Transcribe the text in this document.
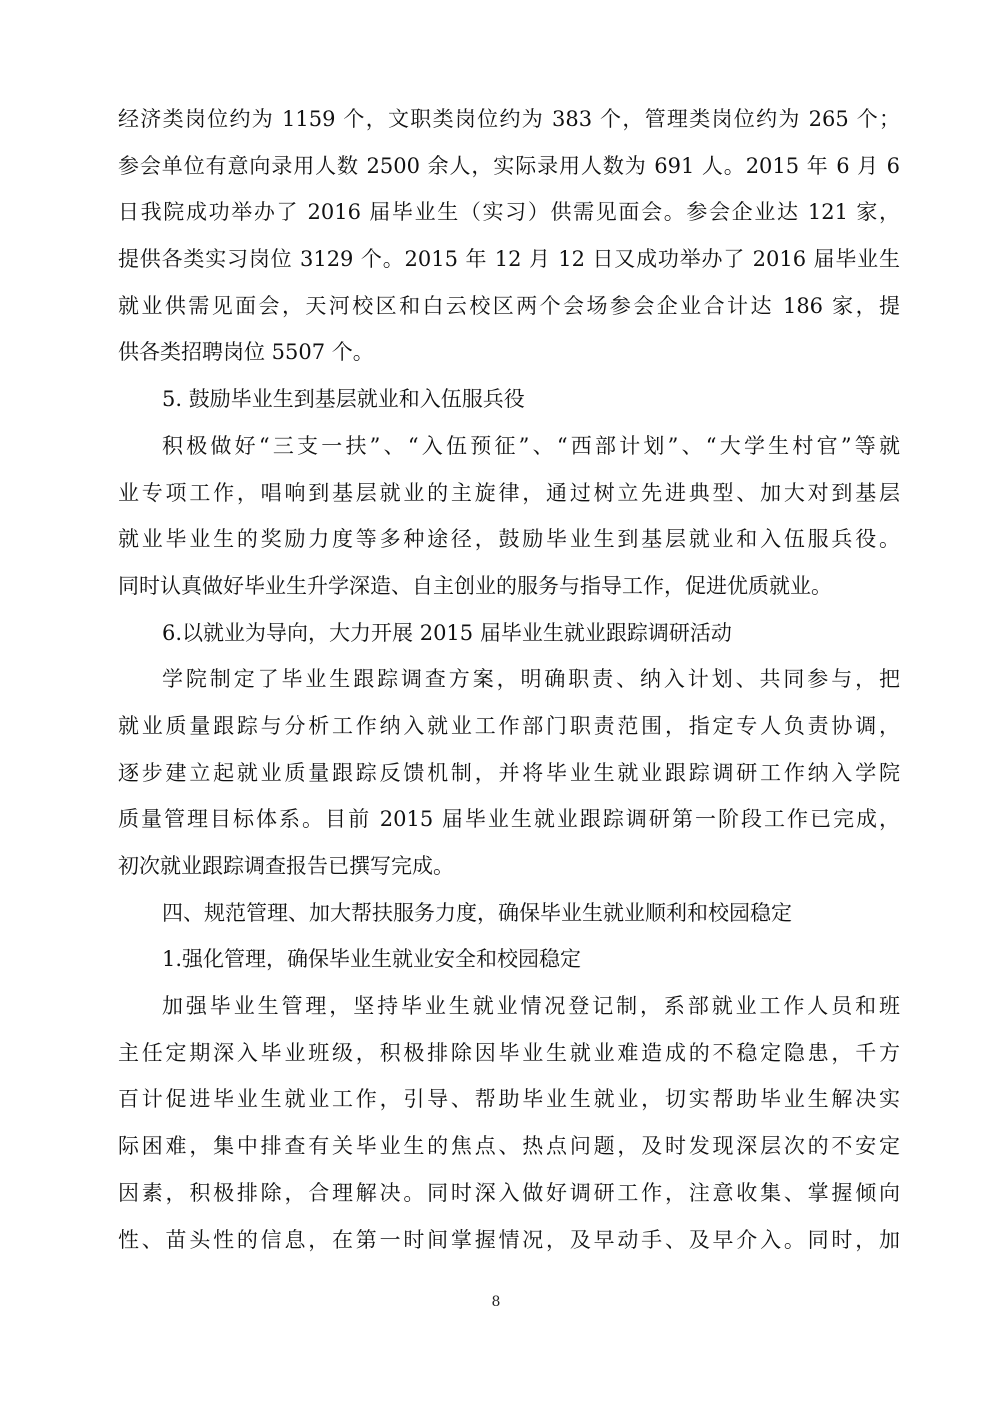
经济类岗位约为 1159 个，文职类岗位约为 383 个，管理类岗位约为 265 个；
参会单位有意向录用人数 2500 余人，实际录用人数为 691 人。2015 年 6 月 6
日我院成功举办了 2016 届毕业生（实习）供需见面会。参会企业达 121 家，
提供各类实习岗位 3129 个。2015 年 12 月 12 日又成功举办了 2016 届毕业生
就业供需见面会，天河校区和白云校区两个会场参会企业合计达 186 家，提
供各类招聘岗位 5507 个。
5. 鼓励毕业生到基层就业和入伍服兵役
积极做好“三支一扶”、“入伍预征”、“西部计划”、“大学生村官”等就
业专项工作，唱响到基层就业的主旋律，通过树立先进典型、加大对到基层
就业毕业生的奖励力度等多种途径，鼓励毕业生到基层就业和入伍服兵役。
同时认真做好毕业生升学深造、自主创业的服务与指导工作，促进优质就业。
6.以就业为导向，大力开展 2015 届毕业生就业跟踪调研活动
学院制定了毕业生跟踪调查方案，明确职责、纳入计划、共同参与，把
就业质量跟踪与分析工作纳入就业工作部门职责范围，指定专人负责协调，
逐步建立起就业质量跟踪反馈机制，并将毕业生就业跟踪调研工作纳入学院
质量管理目标体系。目前 2015 届毕业生就业跟踪调研第一阶段工作已完成，
初次就业跟踪调查报告已撰写完成。
四、规范管理、加大帮扶服务力度，确保毕业生就业顺利和校园稳定
1.强化管理，确保毕业生就业安全和校园稳定
加强毕业生管理，坚持毕业生就业情况登记制，系部就业工作人员和班
主任定期深入毕业班级，积极排除因毕业生就业难造成的不稳定隐患，千方
百计促进毕业生就业工作，引导、帮助毕业生就业，切实帮助毕业生解决实
际困难，集中排查有关毕业生的焦点、热点问题，及时发现深层次的不安定
因素，积极排除，合理解决。同时深入做好调研工作，注意收集、掌握倾向
性、苗头性的信息，在第一时间掌握情况，及早动手、及早介入。同时，加
8
